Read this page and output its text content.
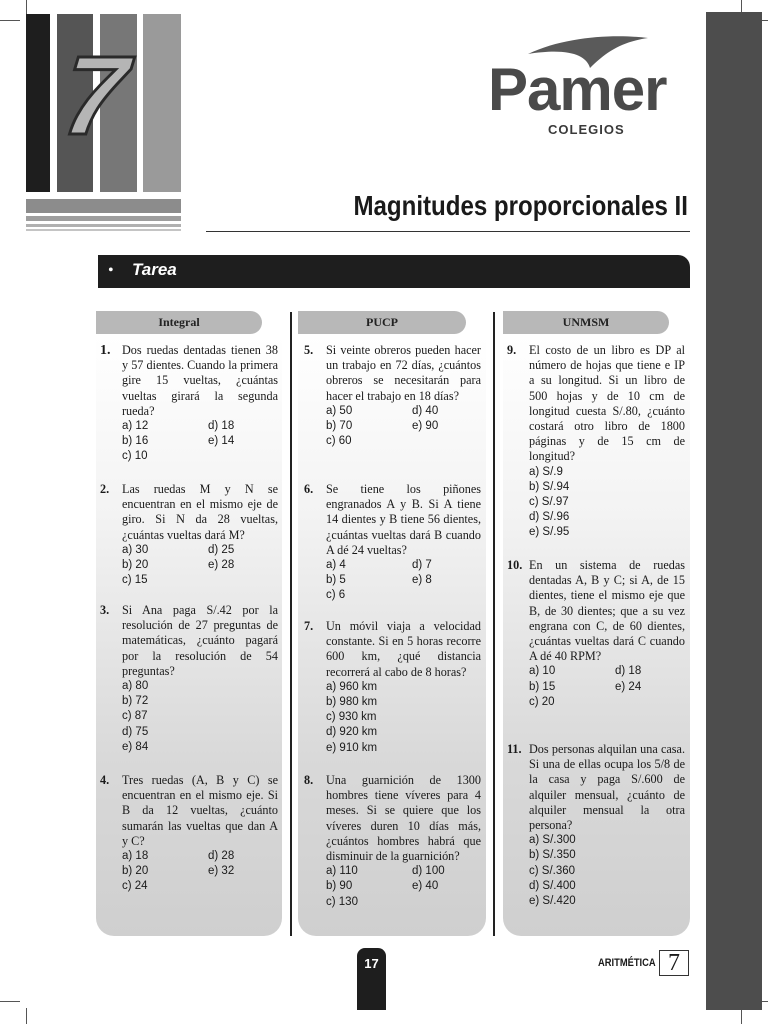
7	Pamer
COLEGIOS
Magnitudes proporcionales II
• Tarea
Integral	PUCP	UNMSM
1. Dos ruedas dentadas tienen 38 y 57 dientes. Cuando la primera gire 15 vueltas, ¿cuántas vueltas girará la segunda rueda?
a) 12	d) 18
b) 16	e) 14
c) 10
2. Las ruedas M y N se encuentran en el mismo eje de giro. Si N da 28 vueltas, ¿cuántas vueltas dará M?
a) 30	d) 25
b) 20	e) 28
c) 15
3. Si Ana paga S/.42 por la resolución de 27 preguntas de matemáticas, ¿cuánto pagará por la resolución de 54 preguntas?
a) 80
b) 72
c) 87
d) 75
e) 84
4. Tres ruedas (A, B y C) se encuentran en el mismo eje. Si B da 12 vueltas, ¿cuánto sumarán las vueltas que dan A y C?
a) 18	d) 28
b) 20	e) 32
c) 24
5. Si veinte obreros pueden hacer un trabajo en 72 días, ¿cuántos obreros se necesitarán para hacer el trabajo en 18 días?
a) 50	d) 40
b) 70	e) 90
c) 60
6. Se tiene los piñones engranados A y B. Si A tiene 14 dientes y B tiene 56 dientes, ¿cuántas vueltas dará B cuando A dé 24 vueltas?
a) 4	d) 7
b) 5	e) 8
c) 6
7. Un móvil viaja a velocidad constante. Si en 5 horas recorre 600 km, ¿qué distancia recorrerá al cabo de 8 horas?
a) 960 km
b) 980 km
c) 930 km
d) 920 km
e) 910 km
8. Una guarnición de 1300 hombres tiene víveres para 4 meses. Si se quiere que los víveres duren 10 días más, ¿cuántos hombres habrá que disminuir de la guarnición?
a) 110	d) 100
b) 90	e) 40
c) 130
9. El costo de un libro es DP al número de hojas que tiene e IP a su longitud. Si un libro de 500 hojas y de 10 cm de longitud cuesta S/.80, ¿cuánto costará otro libro de 1800 páginas y de 15 cm de longitud?
a) S/.9
b) S/.94
c) S/.97
d) S/.96
e) S/.95
10. En un sistema de ruedas dentadas A, B y C; si A, de 15 dientes, tiene el mismo eje que B, de 30 dientes; que a su vez engrana con C, de 60 dientes, ¿cuántas vueltas dará C cuando A dé 40 RPM?
a) 10	d) 18
b) 15	e) 24
c) 20
11. Dos personas alquilan una casa. Si una de ellas ocupa los 5/8 de la casa y paga S/.600 de alquiler mensual, ¿cuánto de alquiler mensual la otra persona?
a) S/.300
b) S/.350
c) S/.360
d) S/.400
e) S/.420
17	ARITMÉTICA 7
